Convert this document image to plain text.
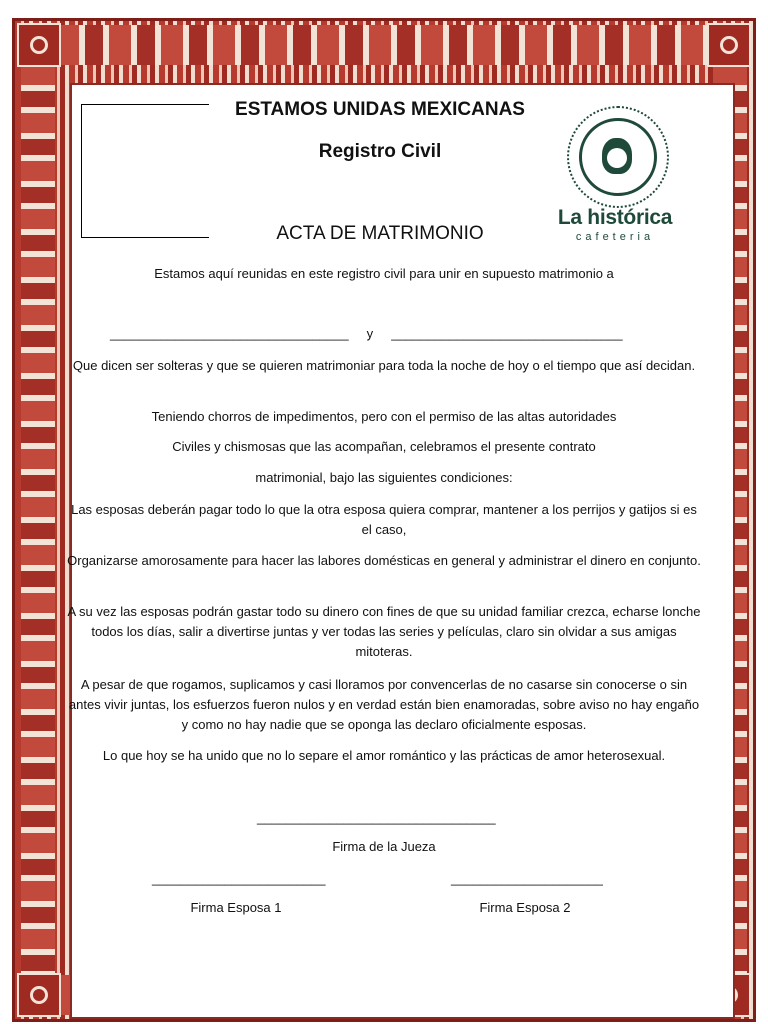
ESTAMOS UNIDAS MEXICANAS
Registro Civil
ACTA DE MATRIMONIO
La histórica
cafeteria
Estamos aquí reunidas en este registro civil para unir en supuesto matrimonio a
_________________________________ y ________________________________
Que dicen ser solteras y que se quieren matrimoniar para toda la noche de hoy o el tiempo que así decidan.
Teniendo chorros de impedimentos, pero con el permiso de las altas autoridades
Civiles y chismosas que las acompañan, celebramos el presente contrato
matrimonial, bajo las siguientes condiciones:
Las esposas deberán pagar todo lo que la otra esposa quiera comprar, mantener a los perrijos y gatijos si es el caso,
Organizarse amorosamente para hacer las labores domésticas en general y administrar el dinero en conjunto.
A su vez las esposas podrán gastar todo su dinero con fines de que su unidad familiar crezca, echarse lonche todos los días, salir a divertirse juntas y ver todas las series y películas, claro sin olvidar a sus amigas mitoteras.
A pesar de que rogamos, suplicamos y casi lloramos por convencerlas de no casarse sin conocerse o sin antes vivir juntas, los esfuerzos fueron nulos y en verdad están bien enamoradas, sobre aviso no hay engaño y como no hay nadie que se oponga las declaro oficialmente esposas.
Lo que hoy se ha unido que no lo separe el amor romántico y las prácticas de amor heterosexual.
_________________________________
Firma de la Jueza
________________________
Firma Esposa 1
_____________________
Firma Esposa 2
